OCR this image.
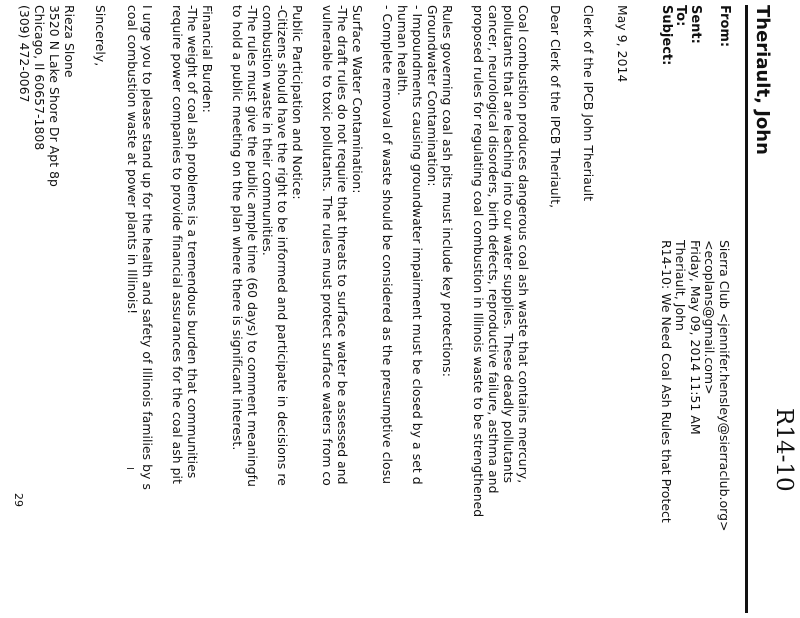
R14-10
Theriault, John
From:
Sierra Club <jennifer.hensley@sierraclub.org>
<ecoplans@gmail.com>
Sent:
Friday, May 09, 2014 11:51 AM
To:
Theriault, John
Subject:
R14-10: We Need Coal Ash Rules that Protect
May 9, 2014
Clerk of the IPCB John Theriault
Dear Clerk of the IPCB Theriault,
Coal combustion produces dangerous coal ash waste that contains mercury,
pollutants that are leaching into our water supplies. These deadly pollutants
cancer, neurological disorders, birth defects, reproductive failure, asthma and
proposed rules for regulating coal combustion in Illinois waste to be strengthened
Rules governing coal ash pits must include key protections:
Groundwater Contamination:
- Impoundments causing groundwater impairment must be closed by a set d
human health.
- Complete removal of waste should be considered as the presumptive closu
Surface Water Contamination:
-The draft rules do not require that threats to surface water be assessed and
vulnerable to toxic pollutants. The rules must protect surface waters from co
Public Participation and Notice:
-Citizens should have the right to be informed and participate in decisions re
combustion waste in their communities.
-The rules must give the public ample time (60 days) to comment meaningfu
to hold a public meeting on the plan where there is significant interest.
Financial Burden:
-The weight of coal ash problems is a tremendous burden that communities
require power companies to provide financial assurances for the coal ash pit
I urge you to please stand up for the health and safety of Illinois families by s
coal combustion waste at power plants in Illinois!
Sincerely,
Rieza Slone
3520 N Lake Shore Dr Apt 8p
Chicago, Il 60657-1808
(309) 472-0067
29
